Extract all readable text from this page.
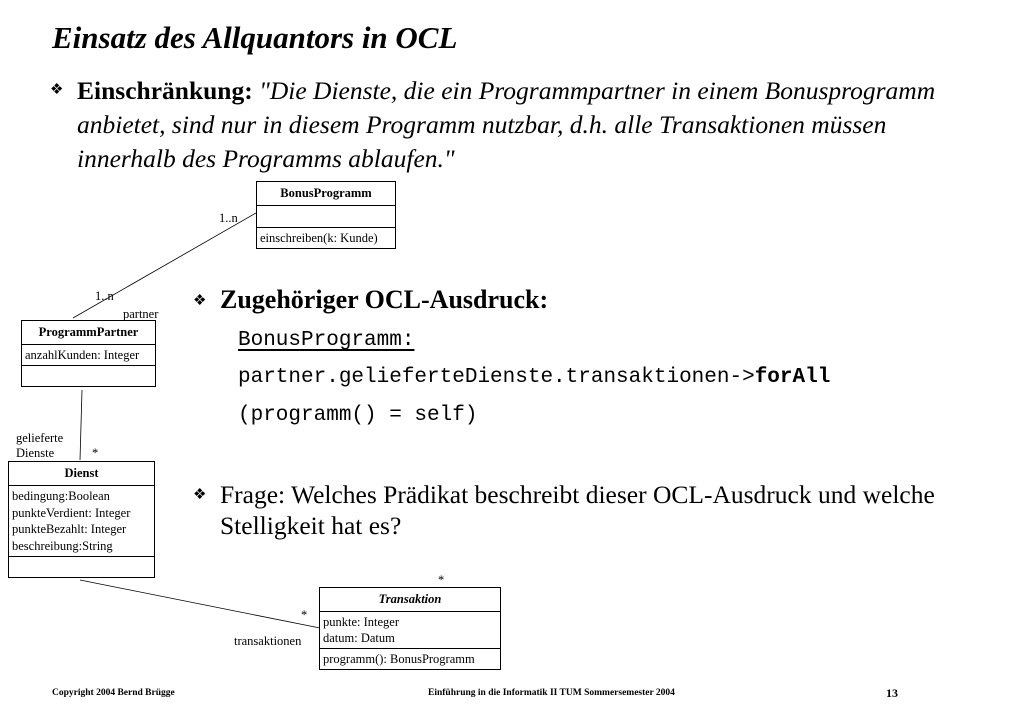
Einsatz des Allquantors in OCL
❖ Einschränkung: "Die Dienste, die ein Programmpartner in einem Bonusprogramm anbietet, sind nur in diesem Programm nutzbar, d.h. alle Transaktionen müssen innerhalb des Programms ablaufen."
BonusProgramm
einschreiben(k: Kunde)
ProgrammPartner
anzahlKunden: Integer
Dienst
bedingung:Boolean
punkteVerdient: Integer
punkteBezahlt: Integer
beschreibung:String
Transaktion
punkte: Integer
datum: Datum
programm(): BonusProgramm
1..n
1..n
partner
gelieferte
Dienste	*
*
transaktionen
*
❖ Zugehöriger OCL-Ausdruck:
BonusProgramm:
partner.gelieferteDienste.transaktionen->forAll
(programm() = self)
❖ Frage: Welches Prädikat beschreibt dieser OCL-Ausdruck und welche Stelligkeit hat es?
Copyright 2004 Bernd Brügge	Einführung in die Informatik II TUM Sommersemester 2004	13
